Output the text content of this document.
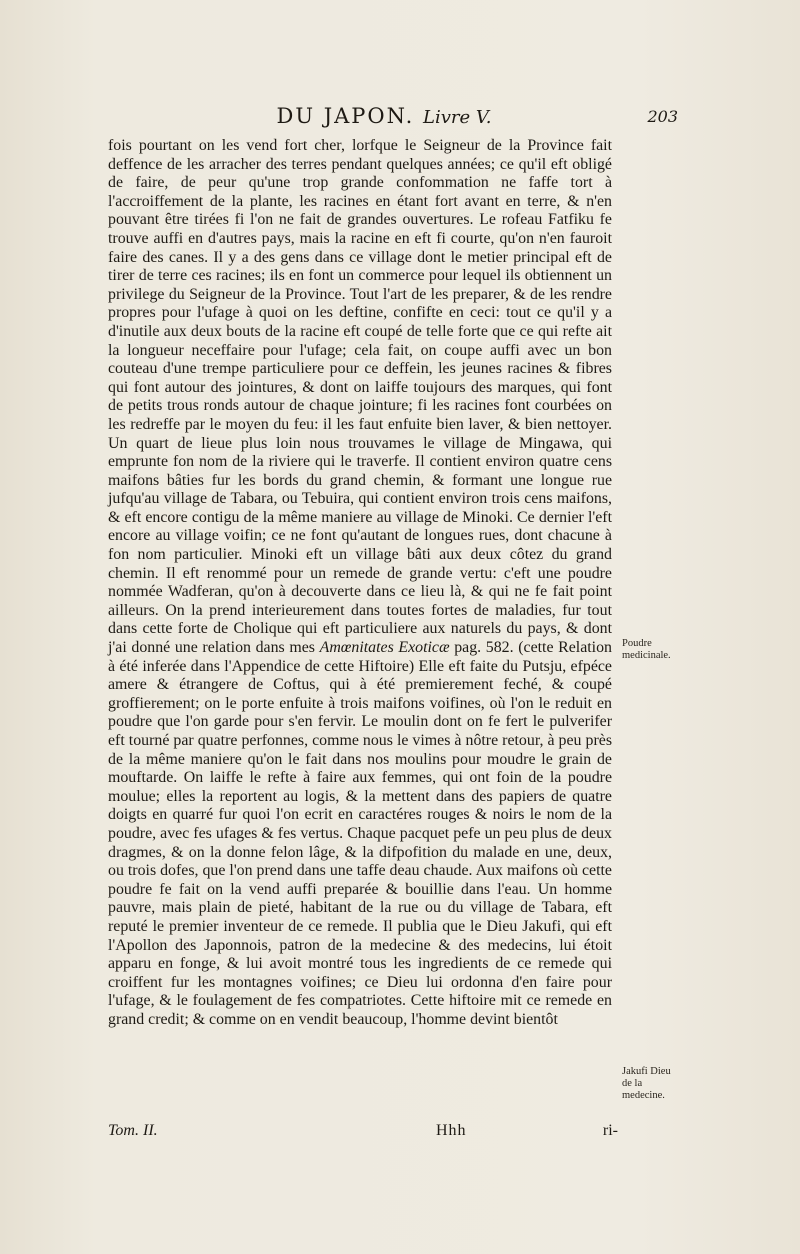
DU JAPON. Livre V.	203

fois pourtant on les vend fort cher, lorfque le Seigneur de la Province fait deffence de les arracher des terres pendant quelques années; ce qu'il eft obligé de faire, de peur qu'une trop grande confommation ne faffe tort à l'accroiffement de la plante, les racines en étant fort avant en terre, & n'en pouvant être tirées fi l'on ne fait de grandes ouvertures. Le rofeau Fatfiku fe trouve auffi en d'autres pays, mais la racine en eft fi courte, qu'on n'en fauroit faire des canes. Il y a des gens dans ce village dont le metier principal eft de tirer de terre ces racines; ils en font un commerce pour lequel ils obtiennent un privilege du Seigneur de la Province. Tout l'art de les preparer, & de les rendre propres pour l'ufage à quoi on les deftine, confifte en ceci: tout ce qu'il y a d'inutile aux deux bouts de la racine eft coupé de telle forte que ce qui refte ait la longueur neceffaire pour l'ufage; cela fait, on coupe auffi avec un bon couteau d'une trempe particuliere pour ce deffein, les jeunes racines & fibres qui font autour des jointures, & dont on laiffe toujours des marques, qui font de petits trous ronds autour de chaque jointure; fi les racines font courbées on les redreffe par le moyen du feu: il les faut enfuite bien laver, & bien nettoyer. Un quart de lieue plus loin nous trouvames le village de Mingawa, qui emprunte fon nom de la riviere qui le traverfe. Il contient environ quatre cens maifons bâties fur les bords du grand chemin, & formant une longue rue jufqu'au village de Tabara, ou Tebuira, qui contient environ trois cens maifons, & eft encore contigu de la même maniere au village de Minoki. Ce dernier l'eft encore au village voifin; ce ne font qu'autant de longues rues, dont chacune à fon nom particulier. Minoki eft un village bâti aux deux côtez du grand chemin. Il eft renommé pour un remede de grande vertu: c'eft une poudre nommée Wadferan, qu'on à decouverte dans ce lieu là, & qui ne fe fait point ailleurs. On la prend interieurement dans toutes fortes de maladies, fur tout dans cette forte de Cholique qui eft particuliere aux naturels du pays, & dont j'ai donné une relation dans mes Amœnitates Exoticæ pag. 582. (cette Relation à été inferée dans l'Appendice de cette Hiftoire) Elle eft faite du Putsju, efpéce amere & étrangere de Coftus, qui à été premierement feché, & coupé groffierement; on le porte enfuite à trois maifons voifines, où l'on le reduit en poudre que l'on garde pour s'en fervir. Le moulin dont on fe fert le pulverifer eft tourné par quatre perfonnes, comme nous le vimes à nôtre retour, à peu près de la même maniere qu'on le fait dans nos moulins pour moudre le grain de mouftarde. On laiffe le refte à faire aux femmes, qui ont foin de la poudre moulue; elles la reportent au logis, & la mettent dans des papiers de quatre doigts en quarré fur quoi l'on ecrit en caractéres rouges & noirs le nom de la poudre, avec fes ufages & fes vertus. Chaque pacquet pefe un peu plus de deux dragmes, & on la donne felon lâge, & la difpofition du malade en une, deux, ou trois dofes, que l'on prend dans une taffe deau chaude. Aux maifons où cette poudre fe fait on la vend auffi preparée & bouillie dans l'eau. Un homme pauvre, mais plain de pieté, habitant de la rue ou du village de Tabara, eft reputé le premier inventeur de ce remede. Il publia que le Dieu Jakufi, qui eft l'Apollon des Japonnois, patron de la medecine & des medecins, lui étoit apparu en fonge, & lui avoit montré tous les ingredients de ce remede qui croiffent fur les montagnes voifines; ce Dieu lui ordonna d'en faire pour l'ufage, & le foulagement de fes compatriotes. Cette hiftoire mit ce remede en grand credit; & comme on en vendit beaucoup, l'homme devint bientôt

Poudre medicinale.
Jakufi Dieu de la medecine.
Tom. II.	Hhh	ri-
